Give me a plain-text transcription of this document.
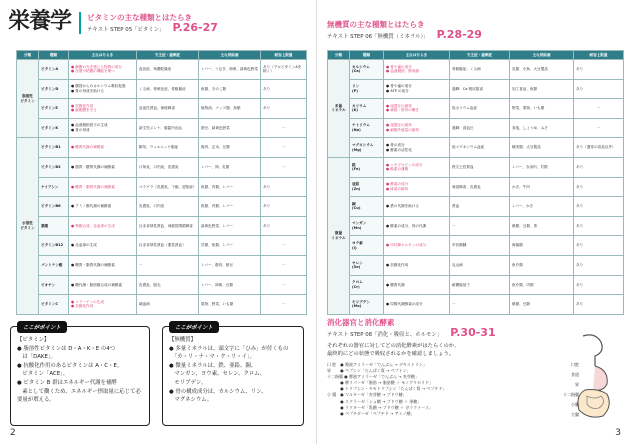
栄養学 ビタミンの主な種類とはたらき
テキスト STEP 05「ビタミン」 P.26-27
分類	種類	主なはたらき	欠乏症・過剰症	主な供給源	耐容上限量
脂溶性
ビタミン	ビタミンA	● 網膜の光を感じる物質の成分
● 皮膚や粘膜の機能を保つ	夜盲症、角膜乾燥症	レバー、うなぎ、卵黄、緑黄色野菜	あり（プロビタミンAを除く）
	ビタミンD	● 腸管からのカルシウム吸収促進
● 骨の形成を助ける	くる病、骨軟化症、骨粗鬆症	魚類、きのこ類	あり
	ビタミンE	● 抗酸化作用
● 細胞膜を守る	溶血性貧血、神経障害	植物油、ナッツ類、魚類	あり
	ビタミンK	● 血液凝固因子の生成
● 骨の形成	新生児メレナ、頭蓋内出血	納豆、緑黄色野菜	－
水溶性
ビタミン	ビタミンB1	● 糖質代謝の補酵素	脚気、ウェルニッケ脳症	豚肉、玄米、豆類	－
	ビタミンB2	● 脂質・糖質代謝の補酵素	口角炎、口内炎、皮膚炎	レバー、卵、乳類	－
	ナイアシン	● 糖質・脂質代謝の補酵素	ペラグラ（皮膚炎、下痢、認知症）	魚類、肉類、レバー	あり
	ビタミンB6	● アミノ酸代謝の補酵素	皮膚炎、口内炎	魚類、肉類、レバー	あり
	葉酸	● 核酸合成、赤血球の生成	巨赤芽球性貧血、神経管閉鎖障害	緑黄色野菜、レバー	あり
	ビタミンB12	● 赤血球の生成	巨赤芽球性貧血（悪性貧血）	貝類、魚類、レバー	－
	パントテン酸	● 糖質・脂質代謝の補酵素	－	レバー、鶏肉、納豆	－
	ビオチン	● 糖代謝・脂肪酸合成の補酵素	皮膚炎、脱毛	レバー、卵黄、豆類	－
	ビタミンC	● コラーゲンの生成
● 抗酸化作用	壊血病	果物、野菜、いも類	－
ここがポイント
【ビタミン】
● 脂溶性ビタミンは D・A・K・E の4つ
　は「DAKE」。
● 抗酸化作用のあるビタミンは A・C・E。
　ビタミン「ACE」。
● ビタミン B 群はエネルギー代謝を補酵
　素として働くため、エネルギー摂取量に応じて必要量が増える。
ここがポイント
【無機質】
● 多量ミネラルは、頭文字に「ひみ」が付くもの
　「カ・リ・ナ・マ・ク・リ・イ」。
● 微量ミネラルは、鉄、亜鉛、銅、
　マンガン、ヨウ素、セレン、クロム、
　モリブデン。
● 骨の構成成分は、カルシウム、リン、
　マグネシウム。
2
無機質の主な種類とはたらき
テキスト STEP 06「無機質（ミネラル）」 P.28-29
分類	種類	主なはたらき	欠乏症・過剰症	主な供給源	耐容上限量
多量
ミネラル	カルシウム
(Ca)	● 骨や歯の成分
● 血液凝固、筋収縮	骨粗鬆症、くる病	乳類、小魚、大豆製品	あり
	リン
(P)	● 骨や歯の成分
● ATP の成分	過剰：Ca 吸収阻害	加工食品、魚類	あり
	カリウム
(K)	● 浸透圧の維持
● 神経・筋肉の働き	低カリウム血症	野菜、果物、いも類	－
	ナトリウム
(Na)	● 浸透圧の維持
● 細胞外液量の維持	過剰：高血圧	食塩、しょうゆ、みそ	－
	マグネシウム
(Mg)	● 骨の成分
● 酵素の活性化	低マグネシウム血症	種実類、大豆製品	あり（通常の食品以外）
微量
ミネラル	鉄
(Fe)	● ヘモグロビンの成分
● 酸素の運搬	鉄欠乏性貧血	レバー、赤身肉、貝類	あり
	亜鉛
(Zn)	● 酵素の成分
● 味覚の維持	味覚障害、皮膚炎	かき、牛肉	あり
	銅
(Cu)	● 鉄の代謝を助ける	貧血	レバー、かき	あり
	マンガン
(Mn)	● 酵素の成分、骨の代謝	－	穀類、豆類、茶	あり
	ヨウ素
(I)	● 甲状腺ホルモンの成分	甲状腺腫	海藻類	あり
	セレン
(Se)	● 抗酸化作用	克山病	魚介類	あり
	クロム
(Cr)	● 糖質代謝	耐糖能低下	魚介類、肉類	あり
	モリブデン
(Mo)	● 尿酸代謝酵素の成分	－	穀類、豆類	あり
消化器官と消化酵素
テキスト STEP 08「消化・吸収と、ホルモン」 P.30-31
それぞれの器官に対してどの消化酵素がはたらくのか、
最終的にどの状態で吸収されるかを確認しましょう。
口 腔　● 唾液アミラーゼ「でんぷん → デキストリン」
胃　　 ● ペプシン「たんぱく質 → ペプトン」
十二指腸 ● 膵液アミラーゼ「でんぷん → 麦芽糖」
　　　 ● 膵リパーゼ「脂肪 → 脂肪酸 ＋ モノグリセリド」
　　　 ● トリプシン・キモトリプシン「たんぱく質 → ペプチド」
小 腸　● マルターゼ「麦芽糖 → ブドウ糖」
　　　 ● スクラーゼ「ショ糖 → ブドウ糖 ＋ 果糖」
　　　 ● ラクターゼ「乳糖 → ブドウ糖 ＋ ガラクトース」
　　　 ● ペプチダーゼ「ペプチド → アミノ酸」
口腔
食道
胃
十二指腸
小腸
大腸
3
